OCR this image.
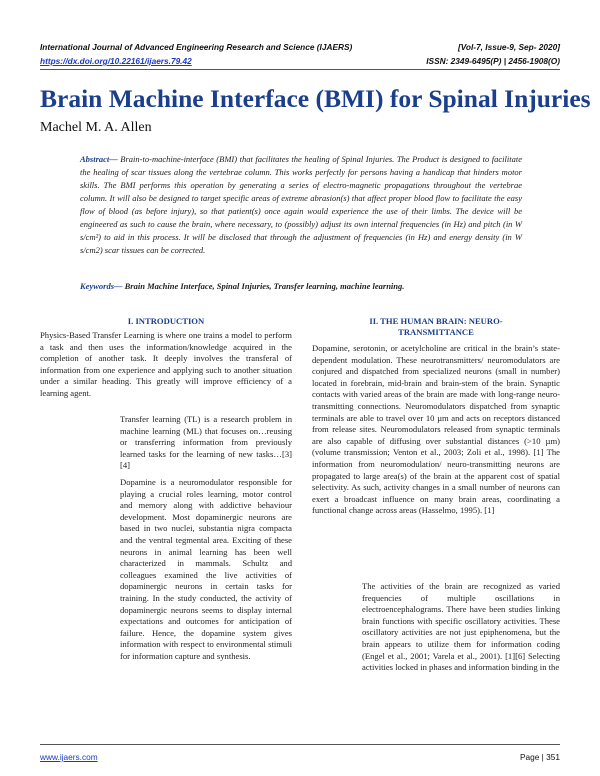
International Journal of Advanced Engineering Research and Science (IJAERS)	[Vol-7, Issue-9, Sep- 2020]
https://dx.doi.org/10.22161/ijaers.79.42	ISSN: 2349-6495(P) | 2456-1908(O)
Brain Machine Interface (BMI) for Spinal Injuries
Machel M. A. Allen
Abstract— Brain-to-machine-interface (BMI) that facilitates the healing of Spinal Injuries. The Product is designed to facilitate the healing of scar tissues along the vertebrae column. This works perfectly for persons having a handicap that hinders motor skills. The BMI performs this operation by generating a series of electro-magnetic propagations throughout the vertebrae column. It will also be designed to target specific areas of extreme abrasion(s) that affect proper blood flow to facilitate the easy flow of blood (as before injury), so that patient(s) once again would experience the use of their limbs. The device will be engineered as such to cause the brain, where necessary, to (possibly) adjust its own internal frequencies (in Hz) and pitch (in W s/cm²) to aid in this process. It will be disclosed that through the adjustment of frequencies (in Hz) and energy density (in W s/cm2) scar tissues can be corrected.
Keywords— Brain Machine Interface, Spinal Injuries, Transfer learning, machine learning.
I. INTRODUCTION

Physics-Based Transfer Learning is where one trains a model to perform a task and then uses the information/knowledge acquired in the completion of another task. It deeply involves the transferal of information from one experience and applying such to another situation under a similar heading. This greatly will improve efficiency of a learning agent.

Transfer learning (TL) is a research problem in machine learning (ML) that focuses on…reusing or transferring information from previously learned tasks for the learning of new tasks…[3][4]

Dopamine is a neuromodulator responsible for playing a crucial roles learning, motor control and memory along with addictive behaviour development. Most dopaminergic neurons are based in two nuclei, substantia nigra compacta and the ventral tegmental area. Exciting of these neurons in animal learning has been well characterized in mammals. Schultz and colleagues examined the live activities of dopaminergic neurons in certain tasks for training. In the study conducted, the activity of dopaminergic neurons seems to display internal expectations and outcomes for anticipation of failure. Hence, the dopamine system gives information with respect to environmental stimuli for information capture and synthesis.

II. THE HUMAN BRAIN: NEURO-TRANSMITTANCE

Dopamine, serotonin, or acetylcholine are critical in the brain’s state-dependent modulation. These neurotransmitters/ neuromodulators are conjured and dispatched from specialized neurons (small in number) located in forebrain, mid-brain and brain-stem of the brain. Synaptic contacts with varied areas of the brain are made with long-range neuro-transmitting connections. Neuromodulators dispatched from synaptic terminals are able to travel over 10 µm and acts on receptors distanced from release sites. Neuromodulators released from synaptic terminals are also capable of diffusing over substantial distances (>10 µm) (volume transmission; Venton et al., 2003; Zoli et al., 1998). [1] The information from neuromodulation/ neuro-transmitting neurons are propagated to large area(s) of the brain at the apparent cost of spatial selectivity. As such, activity changes in a small number of neurons can exert a broadcast influence on many brain areas, coordinating a functional change across areas (Hasselmo, 1995). [1]

The activities of the brain are recognized as varied frequencies of multiple oscillations in electroencephalograms. There have been studies linking brain functions with specific oscillatory activities. These oscillatory activities are not just epiphenomena, but the brain appears to utilize them for information coding (Engel et al., 2001; Varela et al., 2001). [1][6] Selecting activities locked in phases and information binding in the

www.ijaers.com	Page | 351
